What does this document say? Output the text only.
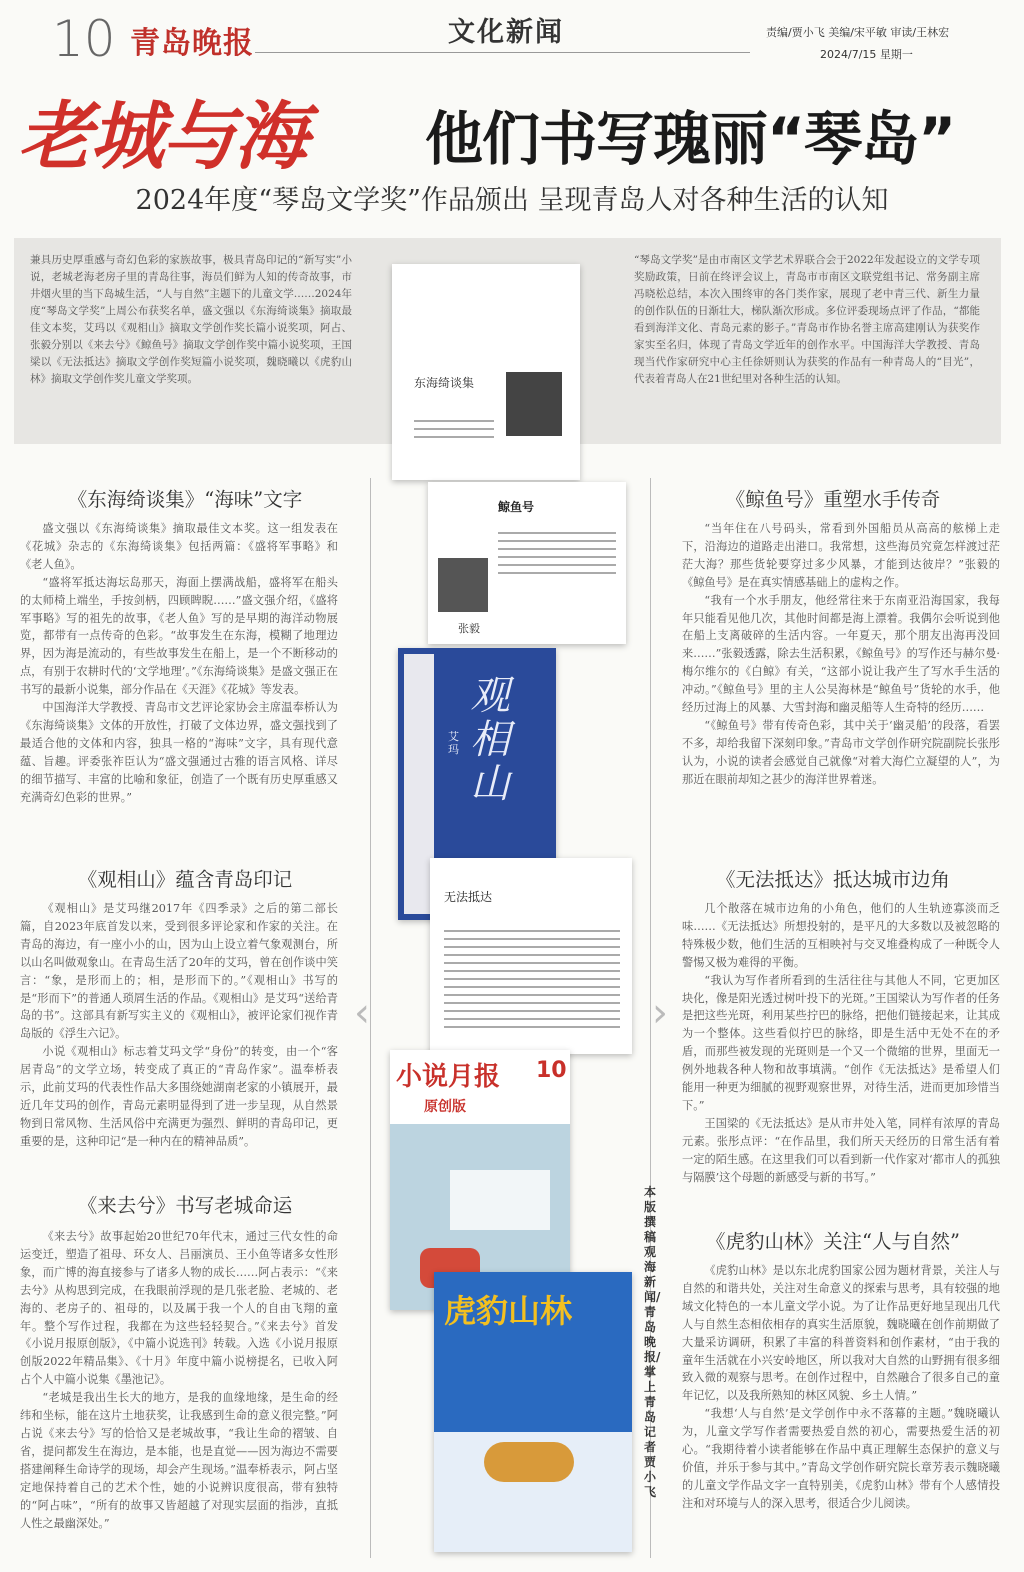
10 青岛晚报	文化新闻	责编/贾小飞 美编/宋平敏 审读/王林宏
2024/7/15 星期一
老城与海 他们书写瑰丽“琴岛”
2024年度“琴岛文学奖”作品颁出 呈现青岛人对各种生活的认知
兼具历史厚重感与奇幻色彩的家族故事，极具青岛印记的“新写实”小说，老城老海老房子里的青岛往事，海员们鲜为人知的传奇故事，市井烟火里的当下岛城生活，“人与自然”主题下的儿童文学……2024年度“琴岛文学奖”上周公布获奖名单，盛文强以《东海绮谈集》摘取最佳文本奖，艾玛以《观相山》摘取文学创作奖长篇小说奖项，阿占、张毅分别以《来去兮》《鲸鱼号》摘取文学创作奖中篇小说奖项，王国梁以《无法抵达》摘取文学创作奖短篇小说奖项，魏晓曦以《虎豹山林》摘取文学创作奖儿童文学奖项。
“琴岛文学奖”是由市南区文学艺术界联合会于2022年发起设立的文学专项奖励政策，日前在终评会议上，青岛市市南区文联党组书记、常务副主席冯晓松总结，本次入围终审的各门类作家，展现了老中青三代、新生力量的创作队伍的日渐壮大，梯队渐次形成。多位评委现场点评了作品，“都能看到海洋文化、青岛元素的影子。”青岛市作协名誉主席高建刚认为获奖作家实至名归，体现了青岛文学近年的创作水平。中国海洋大学教授、青岛现当代作家研究中心主任徐妍则认为获奖的作品有一种青岛人的“目光”，代表着青岛人在21世纪里对各种生活的认知。
‹	›
《东海绮谈集》“海味”文字

盛文强以《东海绮谈集》摘取最佳文本奖。这一组发表在《花城》杂志的《东海绮谈集》包括两篇：《盛将军事略》和《老人鱼》。

“盛将军抵达海坛岛那天，海面上摆满战船，盛将军在船头的太师椅上端坐，手按剑柄，四顾睥睨……”盛文强介绍，《盛将军事略》写的祖先的故事，《老人鱼》写的是早期的海洋动物展览，都带有一点传奇的色彩。“故事发生在东海，模糊了地理边界，因为海是流动的，有些故事发生在船上，是一个不断移动的点，有别于农耕时代的‘文学地理’。”《东海绮谈集》是盛文强正在书写的最新小说集，部分作品在《天涯》《花城》等发表。

中国海洋大学教授、青岛市文艺评论家协会主席温奉桥认为《东海绮谈集》文体的开放性，打破了文体边界，盛文强找到了最适合他的文体和内容，独具一格的“海味”文字，具有现代意蕴、旨趣。评委张祚臣认为“盛文强通过古雅的语言风格、详尽的细节描写、丰富的比喻和象征，创造了一个既有历史厚重感又充满奇幻色彩的世界。”

《观相山》蕴含青岛印记

《观相山》是艾玛继2017年《四季录》之后的第二部长篇，自2023年底首发以来，受到很多评论家和作家的关注。在青岛的海边，有一座小小的山，因为山上设立着气象观测台，所以山名叫做观象山。在青岛生活了20年的艾玛，曾在创作谈中笑言：“象，是形而上的；相，是形而下的。”《观相山》书写的是“形而下”的普通人琐屑生活的作品。《观相山》是艾玛“送给青岛的书”。这部具有新写实主义的《观相山》，被评论家们视作青岛版的《浮生六记》。

小说《观相山》标志着艾玛文学“身份”的转变，由一个“客居青岛”的文学立场，转变成了真正的“青岛作家”。温奉桥表示，此前艾玛的代表性作品大多围绕她湖南老家的小镇展开，最近几年艾玛的创作，青岛元素明显得到了进一步呈现，从自然景物到日常风物、生活风俗中充满更为强烈、鲜明的青岛印记，更重要的是，这种印记“是一种内在的精神品质”。

《来去兮》书写老城命运

《来去兮》故事起始20世纪70年代末，通过三代女性的命运变迁，塑造了祖母、环女人、吕丽演员、王小鱼等诸多女性形象，而广博的海直接参与了诸多人物的成长……阿占表示：“《来去兮》从构思到完成，在我眼前浮现的是几张老脸、老城的、老海的、老房子的、祖母的，以及属于我一个人的自由飞翔的童年。整个写作过程，我都在为这些轻轻契合。”《来去兮》首发《小说月报原创版》，《中篇小说选刊》转载。入选《小说月报原创版2022年精品集》、《十月》年度中篇小说榜提名，已收入阿占个人中篇小说集《墨池记》。

“老城是我出生长大的地方，是我的血缘地缘，是生命的经纬和坐标，能在这片土地获奖，让我感到生命的意义很完整。”阿占说《来去兮》写的恰恰又是老城故事，“我让生命的褶皱、自省，提问都发生在海边，是本能，也是直觉——因为海边不需要搭建阐释生命诗学的现场，却会产生现场。”温奉桥表示，阿占坚定地保持着自己的艺术个性，她的小说辨识度很高，带有独特的“阿占味”，“所有的故事又皆超越了对现实层面的指涉，直抵人性之最幽深处。”

《鲸鱼号》重塑水手传奇

“当年住在八号码头，常看到外国船员从高高的舷梯上走下，沿海边的道路走出港口。我常想，这些海员究竟怎样渡过茫茫大海？那些货轮要穿过多少风暴，才能到达彼岸？”张毅的《鲸鱼号》是在真实情感基础上的虚构之作。

“我有一个水手朋友，他经常往来于东南亚沿海国家，我每年只能看见他几次，其他时间都是海上漂着。我偶尔会听说到他在船上支离破碎的生活内容。一年夏天，那个朋友出海再没回来……”张毅透露，除去生活积累，《鲸鱼号》的写作还与赫尔曼·梅尔维尔的《白鲸》有关，“这部小说让我产生了写水手生活的冲动。”《鲸鱼号》里的主人公吴海林是“鲸鱼号”货轮的水手，他经历过海上的风暴、大雪封海和幽灵船等人生奇特的经历……

“《鲸鱼号》带有传奇色彩，其中关于‘幽灵船’的段落，看罢不多，却给我留下深刻印象。”青岛市文学创作研究院副院长张彤认为，小说的读者会感觉自己就像“对着大海伫立凝望的人”，为那近在眼前却知之甚少的海洋世界着迷。

《无法抵达》抵达城市边角

几个散落在城市边角的小角色，他们的人生轨迹寡淡而乏味……《无法抵达》所想投射的，是平凡的大多数以及被忽略的特殊极少数，他们生活的互相映衬与交叉堆叠构成了一种既令人警惕又极为难得的平衡。

“我认为写作者所看到的生活往往与其他人不同，它更加区块化，像是阳光透过树叶投下的光斑。”王国梁认为写作者的任务是把这些光斑，利用某些拧巴的脉络，把他们链接起来，让其成为一个整体。这些看似拧巴的脉络，即是生活中无处不在的矛盾，而那些被发现的光斑则是一个又一个微缩的世界，里面无一例外地栽各种人物和故事填满。“创作《无法抵达》是希望人们能用一种更为细腻的视野观察世界，对待生活，进而更加珍惜当下。”

王国梁的《无法抵达》是从市井处入笔，同样有浓厚的青岛元素。张彤点评：“在作品里，我们所天天经历的日常生活有着一定的陌生感。在这里我们可以看到新一代作家对‘都市人的孤独与隔膜’这个母题的新感受与新的书写。”

《虎豹山林》关注“人与自然”

《虎豹山林》是以东北虎豹国家公园为题材背景，关注人与自然的和谐共处，关注对生命意义的探索与思考，具有较强的地域文化特色的一本儿童文学小说。为了让作品更好地呈现出几代人与自然生态相依相存的真实生活原貌，魏晓曦在创作前期做了大量采访调研，积累了丰富的科普资料和创作素材，“由于我的童年生活就在小兴安岭地区，所以我对大自然的山野拥有很多细致入微的观察与思考。在创作过程中，自然融合了很多自己的童年记忆，以及我所熟知的林区风貌、乡土人情。”

“我想‘人与自然’是文学创作中永不落幕的主题。”魏晓曦认为，儿童文学写作者需要热爱自然的初心，需要热爱生活的初心。“我期待着小读者能够在作品中真正理解生态保护的意义与价值，并乐于参与其中。”青岛文学创作研究院长章芳表示魏晓曦的儿童文学作品文字一直特别美，《虎豹山林》带有个人感情投注和对环境与人的深入思考，很适合少儿阅读。

东海绮谈集
鲸鱼号
张毅
观相山
艾玛
无法抵达
小说月报 10
原创版
虎豹山林
本版撰稿 观海新闻/青岛晚报/掌上青岛 记者 贾小飞
